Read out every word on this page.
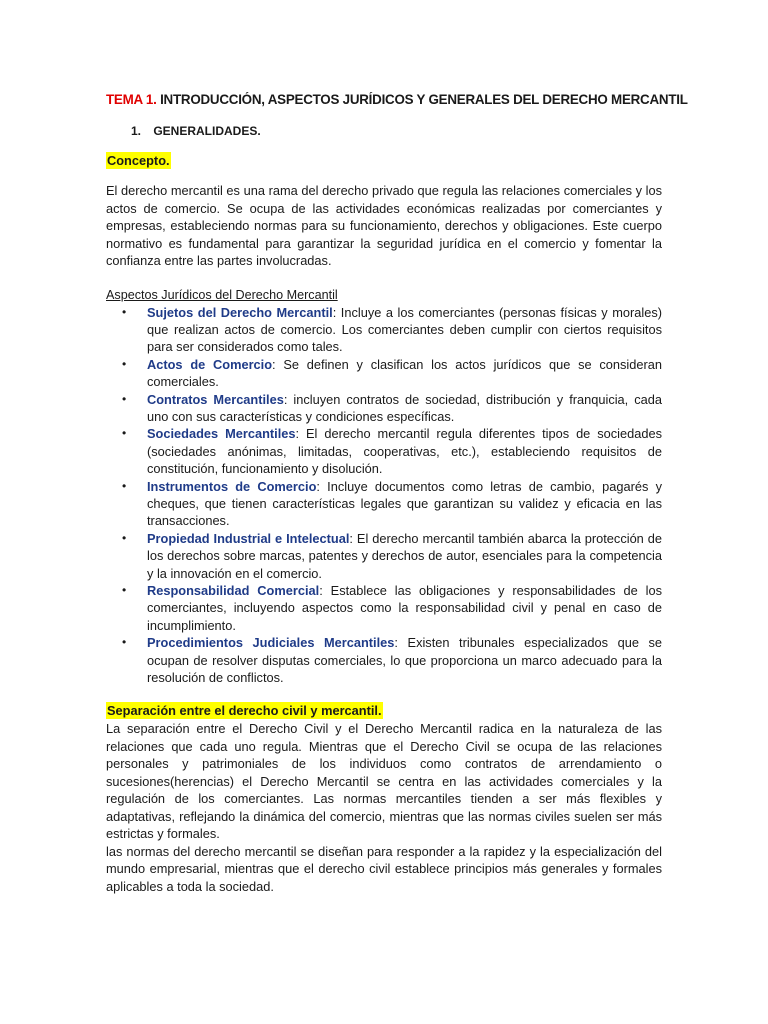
TEMA 1. INTRODUCCIÓN, ASPECTOS JURÍDICOS Y GENERALES DEL DERECHO MERCANTIL
1. GENERALIDADES.
Concepto.

El derecho mercantil es una rama del derecho privado que regula las relaciones comerciales y los actos de comercio. Se ocupa de las actividades económicas realizadas por comerciantes y empresas, estableciendo normas para su funcionamiento, derechos y obligaciones. Este cuerpo normativo es fundamental para garantizar la seguridad jurídica en el comercio y fomentar la confianza entre las partes involucradas.

Aspectos Jurídicos del Derecho Mercantil
• Sujetos del Derecho Mercantil: Incluye a los comerciantes (personas físicas y morales) que realizan actos de comercio. Los comerciantes deben cumplir con ciertos requisitos para ser considerados como tales.
• Actos de Comercio: Se definen y clasifican los actos jurídicos que se consideran comerciales.
• Contratos Mercantiles: incluyen contratos de sociedad, distribución y franquicia, cada uno con sus características y condiciones específicas.
• Sociedades Mercantiles: El derecho mercantil regula diferentes tipos de sociedades (sociedades anónimas, limitadas, cooperativas, etc.), estableciendo requisitos de constitución, funcionamiento y disolución.
• Instrumentos de Comercio: Incluye documentos como letras de cambio, pagarés y cheques, que tienen características legales que garantizan su validez y eficacia en las transacciones.
• Propiedad Industrial e Intelectual: El derecho mercantil también abarca la protección de los derechos sobre marcas, patentes y derechos de autor, esenciales para la competencia y la innovación en el comercio.
• Responsabilidad Comercial: Establece las obligaciones y responsabilidades de los comerciantes, incluyendo aspectos como la responsabilidad civil y penal en caso de incumplimiento.
• Procedimientos Judiciales Mercantiles: Existen tribunales especializados que se ocupan de resolver disputas comerciales, lo que proporciona un marco adecuado para la resolución de conflictos.
Separación entre el derecho civil y mercantil.

La separación entre el Derecho Civil y el Derecho Mercantil radica en la naturaleza de las relaciones que cada uno regula. Mientras que el Derecho Civil se ocupa de las relaciones personales y patrimoniales de los individuos como contratos de arrendamiento o sucesiones(herencias) el Derecho Mercantil se centra en las actividades comerciales y la regulación de los comerciantes. Las normas mercantiles tienden a ser más flexibles y adaptativas, reflejando la dinámica del comercio, mientras que las normas civiles suelen ser más estrictas y formales.

las normas del derecho mercantil se diseñan para responder a la rapidez y la especialización del mundo empresarial, mientras que el derecho civil establece principios más generales y formales aplicables a toda la sociedad.
